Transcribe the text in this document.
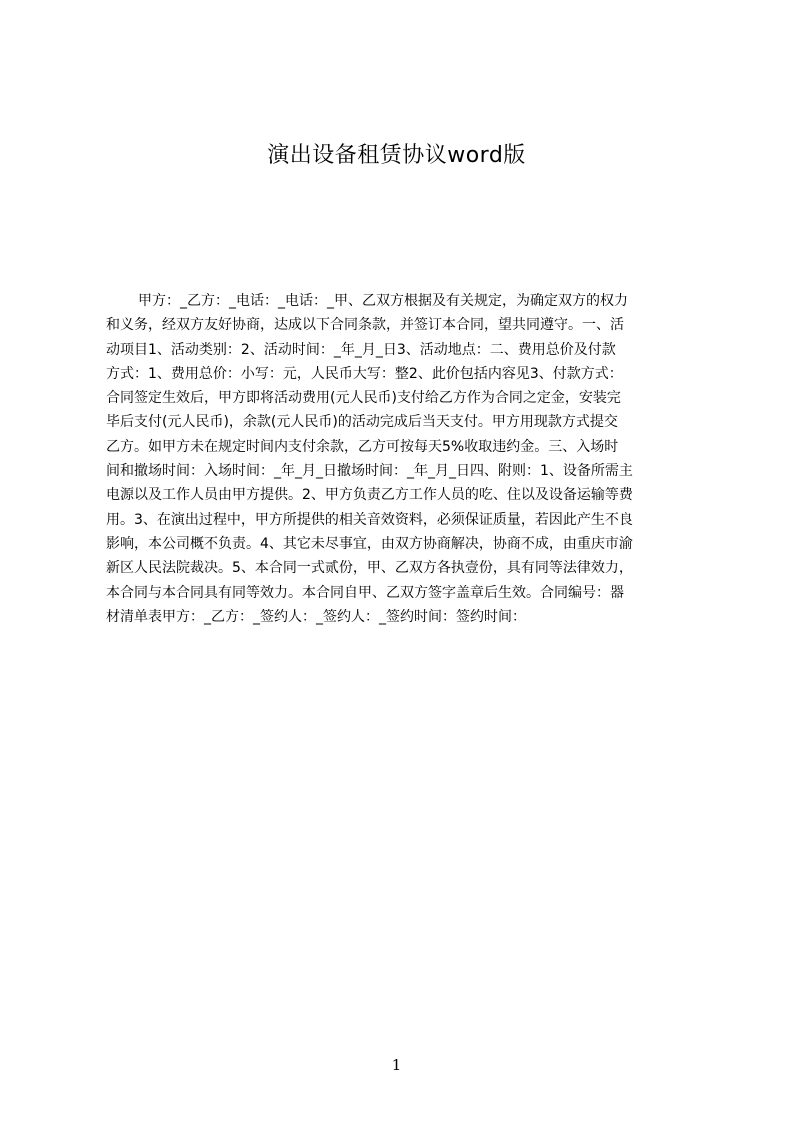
演出设备租赁协议word版
甲方：_乙方：_电话：_电话：_甲、乙双方根据及有关规定，为确定双方的权力
和义务，经双方友好协商，达成以下合同条款，并签订本合同，望共同遵守。一、活
动项目1、活动类别：2、活动时间：_年_月_日3、活动地点：二、费用总价及付款
方式：1、费用总价：小写：元，人民币大写：整2、此价包括内容见3、付款方式：
合同签定生效后，甲方即将活动费用(元人民币)支付给乙方作为合同之定金，安装完
毕后支付(元人民币)，余款(元人民币)的活动完成后当天支付。甲方用现款方式提交
乙方。如甲方未在规定时间内支付余款，乙方可按每天5%收取违约金。三、入场时
间和撤场时间：入场时间：_年_月_日撤场时间：_年_月_日四、附则：1、设备所需主
电源以及工作人员由甲方提供。2、甲方负责乙方工作人员的吃、住以及设备运输等费
用。3、在演出过程中，甲方所提供的相关音效资料，必须保证质量，若因此产生不良
影响，本公司概不负责。4、其它未尽事宜，由双方协商解决，协商不成，由重庆市渝
新区人民法院裁决。5、本合同一式贰份，甲、乙双方各执壹份，具有同等法律效力，
本合同与本合同具有同等效力。本合同自甲、乙双方签字盖章后生效。合同编号：器
材清单表甲方：_乙方：_签约人：_签约人：_签约时间：签约时间：
1
